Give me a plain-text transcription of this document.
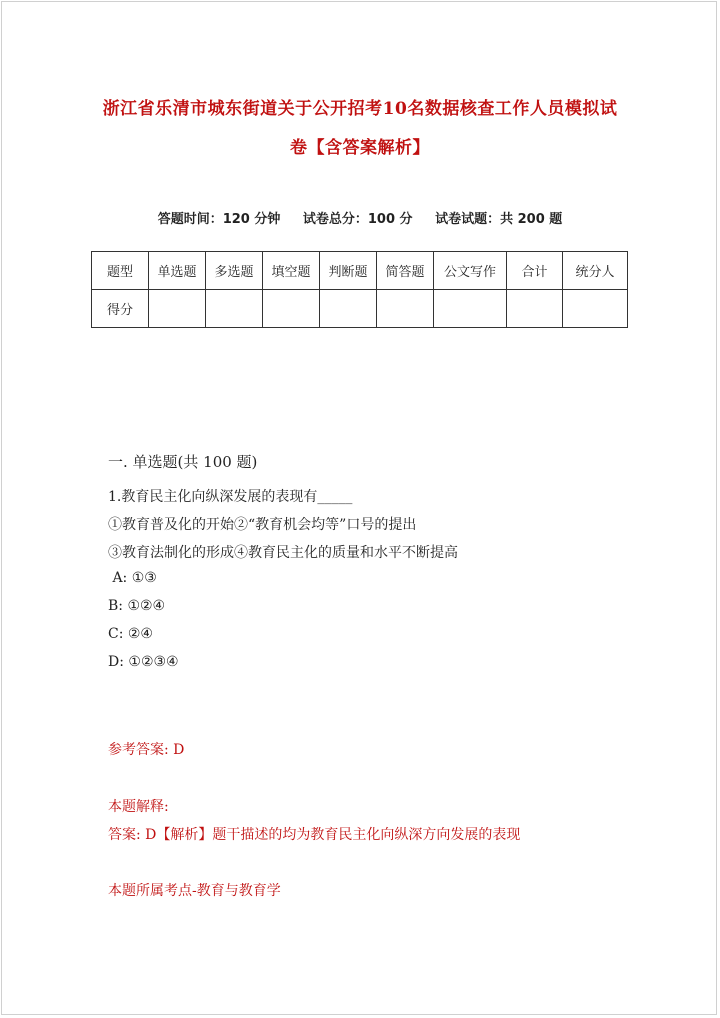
浙江省乐清市城东街道关于公开招考10名数据核查工作人员模拟试
卷【含答案解析】
答题时间：120 分钟 试卷总分：100 分 试卷试题：共 200 题
题型	单选题	多选题	填空题	判断题	简答题	公文写作	合计	统分人
得分								
一. 单选题(共 100 题)
1.教育民主化向纵深发展的表现有_____
①教育普及化的开始②“教育机会均等”口号的提出
③教育法制化的形成④教育民主化的质量和水平不断提高
A: ①③
B: ①②④
C: ②④
D: ①②③④
参考答案: D
本题解释:
答案: D【解析】题干描述的均为教育民主化向纵深方向发展的表现
本题所属考点-教育与教育学
